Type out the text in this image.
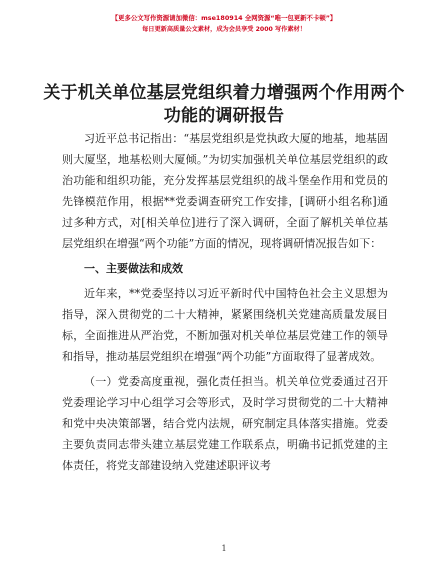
【更多公文写作资源请加微信：mse180914 全网资源“唯一包更新不卡顿”】
每日更新高质量公文素材，成为会员享受 2000 写作素材！
关于机关单位基层党组织着力增强两个作用两个功能的调研报告

习近平总书记指出：“基层党组织是党执政大厦的地基，地基固则大厦坚，地基松则大厦倾。”为切实加强机关单位基层党组织的政治功能和组织功能，充分发挥基层党组织的战斗堡垒作用和党员的先锋模范作用，根据**党委调查研究工作安排，[调研小组名称]通过多种方式，对[相关单位]进行了深入调研，全面了解机关单位基层党组织在增强“两个功能”方面的情况，现将调研情况报告如下：

一、主要做法和成效

近年来，**党委坚持以习近平新时代中国特色社会主义思想为指导，深入贯彻党的二十大精神，紧紧围绕机关党建高质量发展目标，全面推进从严治党，不断加强对机关单位基层党建工作的领导和指导，推动基层党组织在增强“两个功能”方面取得了显著成效。

（一）党委高度重视，强化责任担当。机关单位党委通过召开党委理论学习中心组学习会等形式，及时学习贯彻党的二十大精神和党中央决策部署，结合党内法规，研究制定具体落实措施。党委主要负责同志带头建立基层党建工作联系点，明确书记抓党建的主体责任，将党支部建设纳入党建述职评议考

1
